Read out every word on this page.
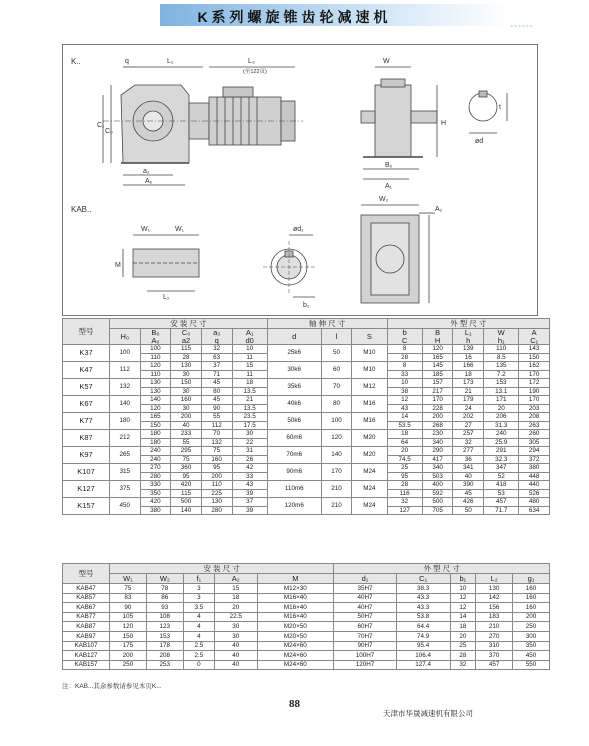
K系列螺旋锥齿轮减速机
~~~~~~
K..
KAB..
q	L₁	L₃
(至122页)
C₁
C₀
a₂
A₀
W
H
B₀
A₁
t
ød
W₁	W₁
L₂
M
ød₁
b₁
W₂
A₂
型号	安 装 尺 寸					轴 伸 尺 寸			外 型 尺 寸				
	H₀	B₀
A₀	C₀
a2	a₃
q	A₁
d0	d	l	S	b
C	B
H	L₁
h	W
h₁	A
C₁
K37	100	100	115	32	10	25k6	50	M10	8	120	139	110	143
		110	28	63	11				28	165	16	8.5	150
K47	112	120	130	37	15	30k6	60	M10	8	145	166	135	162
		110	30	71	11				33	185	18	7.2	170
K57	132	130	150	45	18	35k6	70	M12	10	157	173	153	172
		130	30	80	13.5				38	217	21	13.1	190
K67	140	140	160	45	21	40k6	80	M16	12	170	179	171	170
		120	30	90	13.5				43	228	24	20	203
K77	180	165	200	55	23.5	50k6	100	M16	14	200	202	206	208
		150	40	112	17.5				53.5	268	27	31.3	263
K87	212	180	233	70	30	60m6	120	M20	18	230	257	240	260
		180	55	132	22				64	340	32	25.9	305
K97	265	240	295	75	31	70m6	140	M20	20	290	277	291	294
		240	75	160	26				74.5	417	36	32.3	372
K107	315	270	360	95	42	90m6	170	M24	25	340	341	347	380
		280	95	200	33				95	503	40	52	448
K127	375	330	420	110	43	110m6	210	M24	28	400	390	418	440
		350	115	225	39				116	592	45	53	526
K157	450	420	500	130	37	120m6	210	M24	32	500	426	457	480
		380	140	280	39				127	705	50	71.7	634
型号	安 装 尺 寸					外 型 尺 寸				
	W₁	W₂	f₁	A₂	M	d₁	C₁	b₁	L₂	g₁
KAB47	75	78	3	15	M12×30	35H7	38.3	10	130	160
KAB57	83	86	3	18	M16×40	40H7	43.3	12	142	160
KAB67	90	93	3.5	20	M16×40	40H7	43.3	12	156	160
KAB77	105	108	4	22.5	M16×40	50H7	53.8	14	183	200
KAB87	120	123	4	30	M20×50	60H7	64.4	18	210	250
KAB97	150	153	4	30	M20×50	70H7	74.9	20	270	300
KAB107	175	178	2.5	40	M24×60	90H7	95.4	25	310	350
KAB127	200	208	2.5	40	M24×60	100H7	106.4	28	370	450
KAB157	250	253	0	40	M24×60	120H7	127.4	32	457	550
注：KAB...其余参数请参见本页K...
88
天津市华晟减速机有限公司
